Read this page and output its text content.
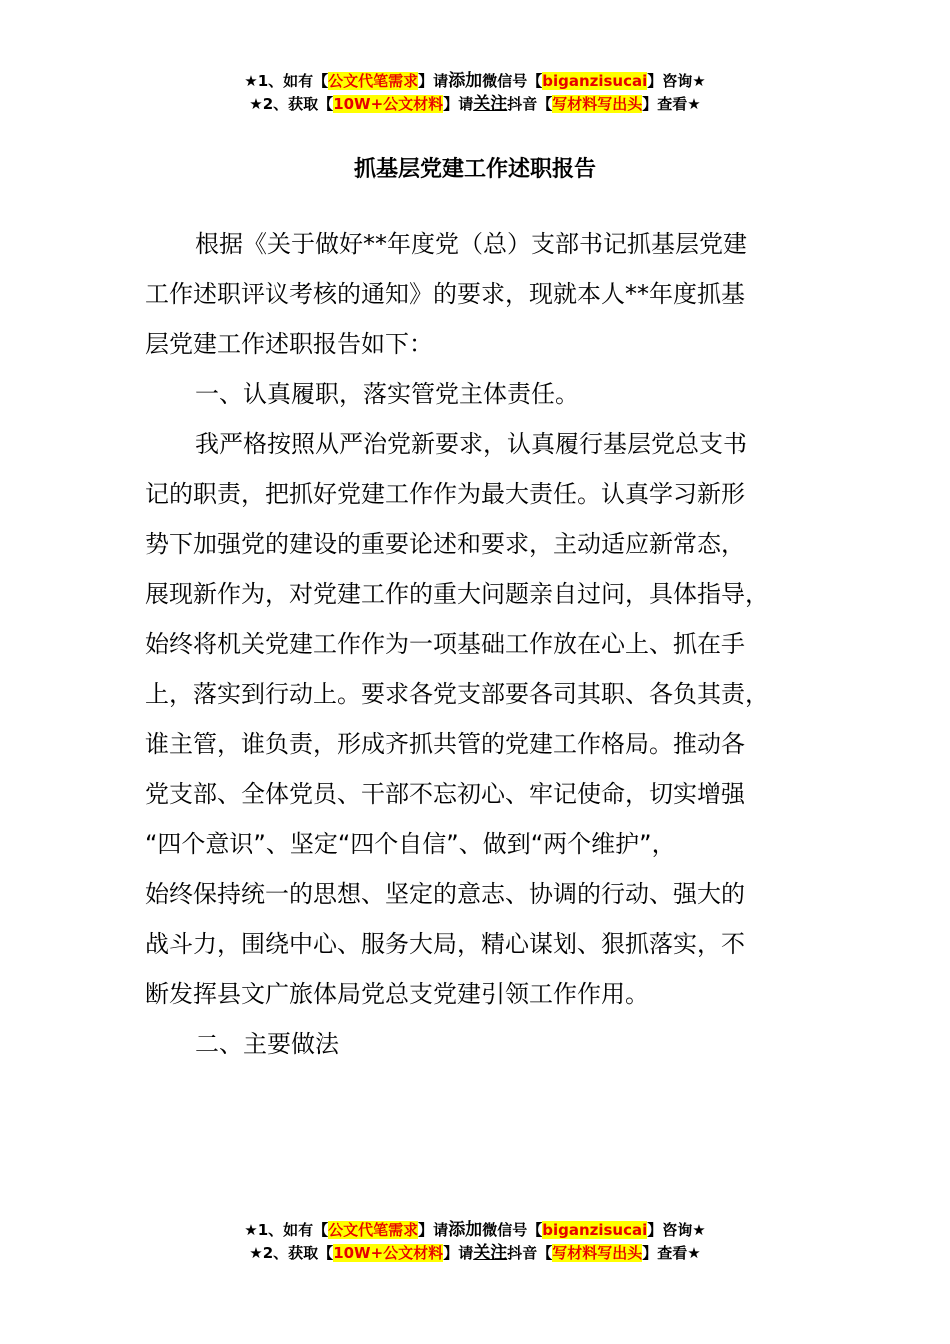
★1、如有【公文代笔需求】请添加微信号【biganzisucai】咨询★
★2、获取【10W+公文材料】请关注抖音【写材料写出头】查看★
抓基层党建工作述职报告

根据《关于做好**年度党（总）支部书记抓基层党建

工作述职评议考核的通知》的要求，现就本人**年度抓基

层党建工作述职报告如下：

一、认真履职，落实管党主体责任。

我严格按照从严治党新要求，认真履行基层党总支书

记的职责，把抓好党建工作作为最大责任。认真学习新形

势下加强党的建设的重要论述和要求，主动适应新常态，

展现新作为，对党建工作的重大问题亲自过问，具体指导，

始终将机关党建工作作为一项基础工作放在心上、抓在手

上，落实到行动上。要求各党支部要各司其职、各负其责，

谁主管，谁负责，形成齐抓共管的党建工作格局。推动各

党支部、全体党员、干部不忘初心、牢记使命，切实增强

“四个意识”、坚定“四个自信”、做到“两个维护”，

始终保持统一的思想、坚定的意志、协调的行动、强大的

战斗力，围绕中心、服务大局，精心谋划、狠抓落实，不

断发挥县文广旅体局党总支党建引领工作作用。

二、主要做法

★1、如有【公文代笔需求】请添加微信号【biganzisucai】咨询★
★2、获取【10W+公文材料】请关注抖音【写材料写出头】查看★
